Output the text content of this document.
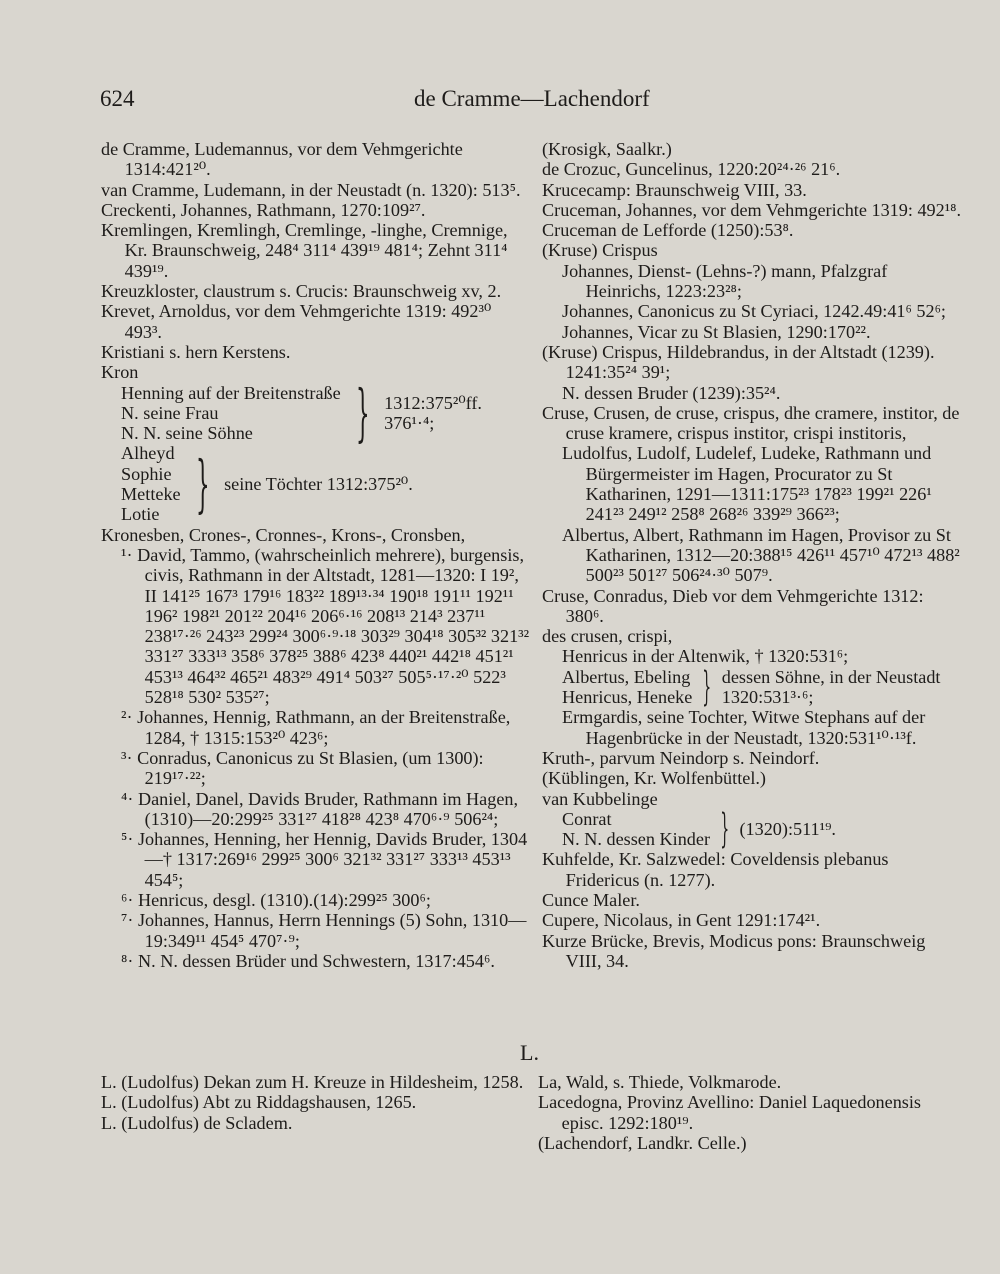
624	de Cramme—Lachendorf

de Cramme, Ludemannus, vor dem Vehmgerichte 1314:421²⁰.

van Cramme, Ludemann, in der Neustadt (n. 1320): 513⁵.

Creckenti, Johannes, Rathmann, 1270:109²⁷.

Kremlingen, Kremlingh, Cremlinge, -linghe, Cremnige, Kr. Braunschweig, 248⁴ 311⁴ 439¹⁹ 481⁴; Zehnt 311⁴ 439¹⁹.

Kreuzkloster, claustrum s. Crucis: Braunschweig xv, 2.

Krevet, Arnoldus, vor dem Vehmgerichte 1319: 492³⁰ 493³.

Kristiani s. hern Kerstens.

Kron

Henning auf der Breitenstraße
N. seine Frau
N. N. seine Söhne	} 1312:375²⁰ff. 376¹·⁴;
Alheyd
Sophie
Metteke
Lotie } seine Töchter 1312:375²⁰.

Kronesben, Crones-, Cronnes-, Krons-, Cronsben,

¹· David, Tammo, (wahrscheinlich mehrere), burgensis, civis, Rathmann in der Altstadt, 1281—1320: I 19², II 141²⁵ 167³ 179¹⁶ 183²² 189¹³·³⁴ 190¹⁸ 191¹¹ 192¹¹ 196² 198²¹ 201²² 204¹⁶ 206⁶·¹⁶ 208¹³ 214³ 237¹¹ 238¹⁷·²⁶ 243²³ 299²⁴ 300⁶·⁹·¹⁸ 303²⁹ 304¹⁸ 305³² 321³² 331²⁷ 333¹³ 358⁶ 378²⁵ 388⁶ 423⁸ 440²¹ 442¹⁸ 451²¹ 453¹³ 464³² 465²¹ 483²⁹ 491⁴ 503²⁷ 505⁵·¹⁷·²⁰ 522³ 528¹⁸ 530² 535²⁷;

²· Johannes, Hennig, Rathmann, an der Breitenstraße, 1284, † 1315:153²⁰ 423⁶;

³· Conradus, Canonicus zu St Blasien, (um 1300): 219¹⁷·²²;

⁴· Daniel, Danel, Davids Bruder, Rathmann im Hagen, (1310)—20:299²⁵ 331²⁷ 418²⁸ 423⁸ 470⁶·⁹ 506²⁴;

⁵· Johannes, Henning, her Hennig, Davids Bruder, 1304—† 1317:269¹⁶ 299²⁵ 300⁶ 321³² 331²⁷ 333¹³ 453¹³ 454⁵;

⁶· Henricus, desgl. (1310).(14):299²⁵ 300⁶;

⁷· Johannes, Hannus, Herrn Hennings (5) Sohn, 1310—19:349¹¹ 454⁵ 470⁷·⁹;

⁸· N. N. dessen Brüder und Schwestern, 1317:454⁶.

(Krosigk, Saalkr.)

de Crozuc, Guncelinus, 1220:20²⁴·²⁶ 21⁶.

Krucecamp: Braunschweig VIII, 33.

Cruceman, Johannes, vor dem Vehmgerichte 1319: 492¹⁸.

Cruceman de Lefforde (1250):53⁸.

(Kruse) Crispus

Johannes, Dienst- (Lehns-?) mann, Pfalzgraf Heinrichs, 1223:23²⁸;

Johannes, Canonicus zu St Cyriaci, 1242.49:41⁶ 52⁶;

Johannes, Vicar zu St Blasien, 1290:170²².

(Kruse) Crispus, Hildebrandus, in der Altstadt (1239). 1241:35²⁴ 39¹;

N. dessen Bruder (1239):35²⁴.

Cruse, Crusen, de cruse, crispus, dhe cramere, institor, de cruse kramere, crispus institor, crispi institoris,

Ludolfus, Ludolf, Ludelef, Ludeke, Rathmann und Bürgermeister im Hagen, Procurator zu St Katharinen, 1291—1311:175²³ 178²³ 199²¹ 226¹ 241²³ 249¹² 258⁸ 268²⁶ 339²⁹ 366²³;

Albertus, Albert, Rathmann im Hagen, Provisor zu St Katharinen, 1312—20:388¹⁵ 426¹¹ 457¹⁰ 472¹³ 488² 500²³ 501²⁷ 506²⁴·³⁰ 507⁹.

Cruse, Conradus, Dieb vor dem Vehmgerichte 1312: 380⁶.

des crusen, crispi,

Henricus in der Altenwik, † 1320:531⁶;

Albertus, Ebeling
Henricus, Heneke } dessen Söhne, in der Neustadt
1320:531³·⁶;

Ermgardis, seine Tochter, Witwe Stephans auf der Hagenbrücke in der Neustadt, 1320:531¹⁰·¹³f.

Kruth-, parvum Neindorp s. Neindorf.

(Küblingen, Kr. Wolfenbüttel.)

van Kubbelinge

Conrat
N. N. dessen Kinder } (1320):511¹⁹.

Kuhfelde, Kr. Salzwedel: Coveldensis plebanus Fridericus (n. 1277).

Cunce Maler.

Cupere, Nicolaus, in Gent 1291:174²¹.

Kurze Brücke, Brevis, Modicus pons: Braunschweig VIII, 34.

L.

L. (Ludolfus) Dekan zum H. Kreuze in Hildesheim, 1258.

L. (Ludolfus) Abt zu Riddagshausen, 1265.

L. (Ludolfus) de Scladem.

La, Wald, s. Thiede, Volkmarode.

Lacedogna, Provinz Avellino: Daniel Laquedonensis episc. 1292:180¹⁹.

(Lachendorf, Landkr. Celle.)
